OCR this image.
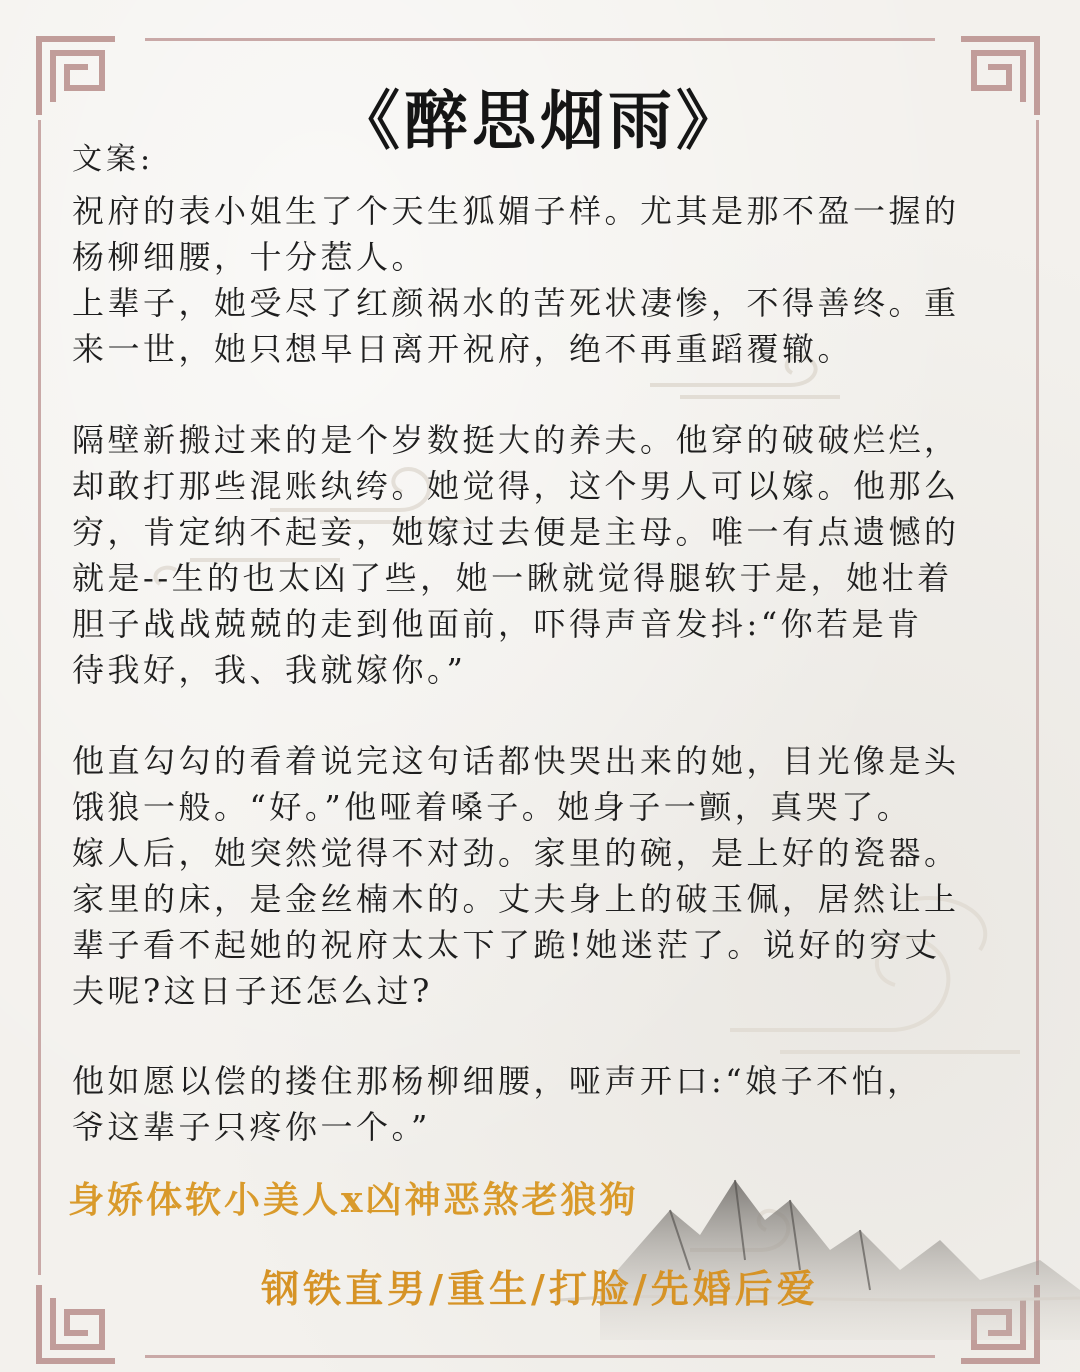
《醉思烟雨》
文案:
祝府的表小姐生了个天生狐媚子样。尤其是那不盈一握的
杨柳细腰，十分惹人。
上辈子，她受尽了红颜祸水的苦死状凄惨，不得善终。重
来一世，她只想早日离开祝府，绝不再重蹈覆辙。
隔壁新搬过来的是个岁数挺大的养夫。他穿的破破烂烂，
却敢打那些混账纨绔。她觉得，这个男人可以嫁。他那么
穷，肯定纳不起妾，她嫁过去便是主母。唯一有点遗憾的
就是--生的也太凶了些，她一瞅就觉得腿软于是，她壮着
胆子战战兢兢的走到他面前，吓得声音发抖:“你若是肯
待我好，我、我就嫁你。”
他直勾勾的看着说完这句话都快哭出来的她，目光像是头
饿狼一般。“好。”他哑着嗓子。她身子一颤，真哭了。
嫁人后，她突然觉得不对劲。家里的碗，是上好的瓷器。
家里的床，是金丝楠木的。丈夫身上的破玉佩，居然让上
辈子看不起她的祝府太太下了跪!她迷茫了。说好的穷丈
夫呢?这日子还怎么过?
他如愿以偿的搂住那杨柳细腰，哑声开口:“娘子不怕，
爷这辈子只疼你一个。”
身娇体软小美人x凶神恶煞老狼狗
钢铁直男/重生/打脸/先婚后爱
